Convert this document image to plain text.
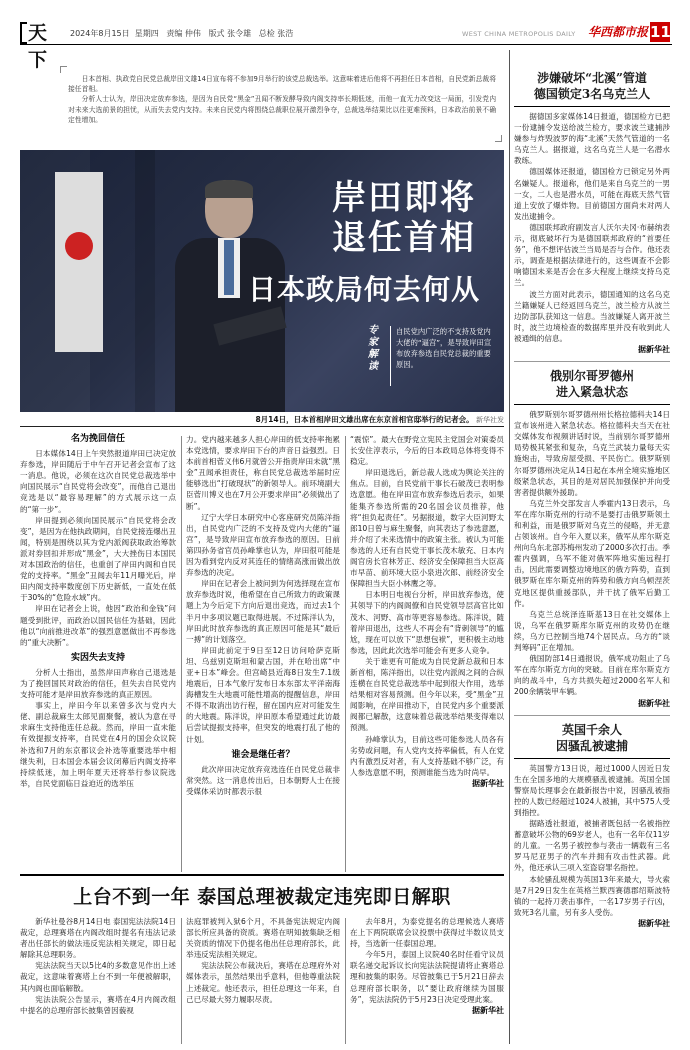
天下
2024年8月15日 星期四 责编 仲伟 版式 张令雄 总检 张浩	WEST CHINA METROPOLIS DAILY 华西都市报 11

日本首相、执政党自民党总裁岸田文雄14日宣布将不参加9月举行的该党总裁选举。这意味着进后他将不再担任日本首相，自民党新总裁将接任首相。

分析人士认为，岸田决定放弃参选，是因为自民党“黑金”丑闻不断发酵导致内阁支持率长期低迷，而他一直无力改变这一局面，引发党内对未来大选前景的担忧，从而失去党内支持。未来自民党内将围绕总裁职位展开激烈争夺，总裁选举结果比以往更难预料，日本政治前景不确定性增加。

岸田即将
退任首相
日本政局何去何从
专家解读
自民党内广泛的不支持及党内大佬的“逼宫”，是导致岸田宣布放弃参选自民党总裁的重要原因。
8月14日，日本首相岸田文雄出席在东京首相官邸举行的记者会。 新华社发
名为挽回信任

日本媒体14日上午突然报道岸田已决定放弃参选，岸田随后于中午召开记者会宣布了这一消息。他说，必须在这次自民党总裁选举中向国民展示“自民党将会改变”，而他自己退出竞选是以“最容易理解”的方式展示这一点的“第一步”。

岸田提到必须向国民展示“自民党将会改变”，是因为在他执政期间，自民党接连爆出丑闻，特别是围绕以其为党内派阀获取政治筹款派对券回扣并形成“黑金”，大大挫伤日本国民对本国政治的信任，也重创了岸田内阁和自民党的支持率。“黑金”丑闻去年11月曝光后，岸田内阁支持率数度创下历史新低，一直处在低于30%的“危险水域”内。

岸田在记者会上说，他因“政治和金钱”问题受到批评，而政治以国民信任为基础，因此他以“向前推进改革”的强烈意愿做出不再参选的“重大决断”。

实因失去支持

分析人士指出，虽然岸田声称自己退选是为了挽回国民对政治的信任，但失去自民党内支持可能才是岸田放弃参选的真正原因。

事实上，岸田今年以来曾多次与党内大佬、副总裁麻生太郎见面聚餐，被认为意在寻求麻生支持他连任总裁。然而，岸田一直未能有效提振支持率，自民党在4月的国会众议院补选和7月的东京都议会补选等重要选举中相继失利，日本国会本届会议闭幕后内阁支持率持续低迷，加上明年夏天还将举行参议院选举，自民党面临日益迫近的选举压

力。党内越来越多人担心岸田的低支持率拖累本党选情，要求岸田下台的声音日益强烈。日本前首相菅义伟6月就曾公开指责岸田未就“黑金”丑闻承担责任，称自民党总裁选举届时应能够选出“打破现状”的新领导人。前环境副大臣菅川博义也在7月公开要求岸田“必须做出了断”。

辽宁大学日本研究中心客座研究员陈洋指出，自民党内广泛的不支持及党内大佬的“逼宫”，是导致岸田宣布放弃参选的原因。日前第四孙务省官员孙峰掌也认为，岸田很可能是因为看到党内反对其连任的情绪高涨而做出放弃参选的决定。

岸田在记者会上被问到为何选择现在宣布放弃参选时说，他希望在自己所致力的政策课题上为今后定下方向后退出竞选，而过去1个半月中多项议题已取得进展。不过陈洋认为，岸田此时放弃参选的真正原因可能是其“最后一搏”的计划落空。

岸田此前定于9日至12日访问哈萨克斯坦、乌兹别克斯坦和蒙古国，并在哈出席“中亚+日本”峰会。但宫崎县近海8日发生7.1级地震后，日本气象厅发布日本东部太平洋南海海槽发生大地震可能性增高的提醒信息，岸田不得不取消出访行程，留在国内应对可能发生的大地震。陈洋说，岸田原本希望通过此访最后尝试提振支持率，但突发的地震打乱了他的计划。

谁会是继任者？

此次岸田决定放弃竞选连任自民党总裁非常突然。这一消息传出后，日本朝野人士在接受媒体采访时都表示很

“震惊”。最大在野党立宪民主党国会对策委员长安住淳表示，今后的日本政局总体将变得不稳定。

岸田退选后，新总裁人选成为舆论关注的焦点。目前，自民党前干事长石破茂已表明参选意愿。他在岸田宣布放弃参选后表示，如果能集齐参选所需的20名国会议员推荐，他将“担负起责任”。另据报道，数字大臣河野太郎10日曾与麻生聚餐，向其表达了参选意愿，并介绍了未来选情中的政策主张。被认为可能参选的人还有自民党干事长茂木敏充、日本内阁官房长官林芳正、经济安全保障担当大臣高市早苗、前环境大臣小泉进次郎、前经济安全保障担当大臣小林鹰之等。

日本明日电视台分析，岸田放弃参选，使其领导下的内阁阁僚和自民党领导层高官比如茂木、河野、高市等更容易参选。陈洋说，随着岸田退出，这些人不再会有“背刺领导”的尴尬，现在可以放下“思想包袱”，更积极主动地参选，因此此次选举可能会有更多人竞争。

关于谁更有可能成为自民党新总裁和日本新首相，陈洋指出，以往党内派阀之间的合纵连横在自民党总裁选举中起到很大作用，选举结果相对容易预测。但今年以来，受“黑金”丑闻影响，在岸田推动下，自民党内多个重要派阀都已解散，这意味着总裁选举结果变得难以预测。

孙峰掌认为，目前这些可能参选人员各有劣势或问题，有人党内支持率偏低，有人在党内有激烈反对者，有人支持基础不够广泛，有人参选意愿不明，预测谁能当选为时尚早。

据新华社
涉嫌破坏“北溪”管道
德国锁定3名乌克兰人

据德国多家媒体14日报道，德国检方已把一份逮捕令发送给波兰检方，要求波兰逮捕涉嫌参与炸毁波罗的海“北溪”天然气管道的一名乌克兰人。据报道，这名乌克兰人是一名潜水教练。

德国媒体还报道，德国检方已锁定另外两名嫌疑人。报道称，他们是来自乌克兰的一男一女，二人也是潜水员，可能在海底天然气管道上安放了爆炸物。目前德国方面尚未对两人发出逮捕令。

德国联邦政府副发言人沃尔夫冈·布赫纳表示，彻底破坏行为是德国联邦政府的“首要任务”，他不想评估波兰当局是否与合作。他还表示，调查是根据法律进行的，这些调查不会影响德国未来是否会在多大程度上继续支持乌克兰。

波兰方面对此表示，德国通知的这名乌克兰籍嫌疑人已经返回乌克兰，波兰检方从波兰边防部队获知这一信息。当波嫌疑人离开波兰时，波兰边境检查的数据库里并没有收到此人被通缉的信息。

据新华社
俄别尔哥罗德州
进入紧急状态

俄罗斯别尔哥罗德州州长格拉德科夫14日宣布该州进入紧急状态。格拉德科夫当天在社交媒体发布视频讲话时说，当前别尔哥罗德州局势极其紧张和复杂，乌克兰武装力量每天实施炮击，导致房屋受损、平民伤亡。俄罗斯别尔哥罗德州决定从14日起在本州全境实施地区级紧急状态，其目的是对居民加强保护并向受害者提供额外援助。

乌克兰外交部发言人季霍内13日表示，乌军在库尔斯克州的行动不是要打击俄罗斯领土和利益，而是俄罗斯对乌克兰的侵略，并无意占领该州。自今年入夏以来，俄军从库尔斯克州向乌东北部苏梅州发动了2000多次打击。季霍内强调，乌军不能对俄军阵地实施远程打击，因此需要调整边境地区的俄方阵势，直到俄罗斯在库尔斯克州的阵势和俄方向乌顿涅茨克地区提供重援部队，并干扰了俄军后勤工作。

乌克兰总统泽连斯基13日在社交媒体上说，乌军在俄罗斯库尔斯克州的攻势仍在继续，乌方已控制当地74个居民点。乌方的“谈判筹码”正在增加。

俄国防部14日通报说，俄军成功阻止了乌军在库尔斯克方向的突破。目前在库尔斯克方向的战斗中，乌方共损失超过2000名军人和200余辆装甲车辆。

据新华社
英国千余人
因骚乱被逮捕

英国警方13日说，超过1000人因近日发生在全国多地的大规模骚乱被逮捕。英国全国警察局长理事会在最新报告中说，因骚乱被指控的人数已经超过1024人被捕，其中575人受到指控。

据路透社报道，被捕者既包括一名被指控蓄意破坏公物的69岁老人，也有一名年仅11岁的儿童。一名男子被控参与袭击一辆载有三名罗马尼亚男子的汽车并拥有攻击性武器。此外，他还承认三项入室盗窃罪名指控。

本轮骚乱规模为英国13年来最大，导火索是7月29日发生在英格兰默西赛德郡绍斯波特镇的一起持刀袭击事件，一名17岁男子行凶，致死3名儿童，另有多人受伤。

据新华社
上台不到一年 泰国总理被裁定违宪即日解职

新华社曼谷8月14日电 泰国宪法法院14日裁定，总理赛塔在内阁改组时提名有违法记录者出任部长的做法违反宪法相关规定，即日起解除其总理职务。

宪法法院当天以5比4的多数意见作出上述裁定，这意味着赛塔上台不到一年便被解职，其内阁也面临解散。

宪法法院公告显示，赛塔在4月内阁改组中提名的总理府部长披集曾因藐视

法庭罪被判入狱6个月，不具备宪法规定内阁部长所应具备的资质。赛塔在明知披集缺乏相关资质的情况下仍提名他出任总理府部长，此举违反宪法相关规定。

宪法法院公布裁决后，赛塔在总理府外对媒体表示，虽然结果出乎意料，但他尊重法院上述裁定。他还表示，担任总理这一年来，自己已尽最大努力履职尽责。

去年8月，为泰党提名的总理候选人赛塔在上下两院联席会议投票中获得过半数议员支持，当选新一任泰国总理。

今年5月，泰国上议院40名时任看守议员联名递交起诉议长向宪法法院提请将止赛塔总理和披集的职务。尽管披集已于5月21日辞去总理府部长职务，以“要让政府继续为国服务”，宪法法院仍于5月23日决定受理此案。

据新华社
